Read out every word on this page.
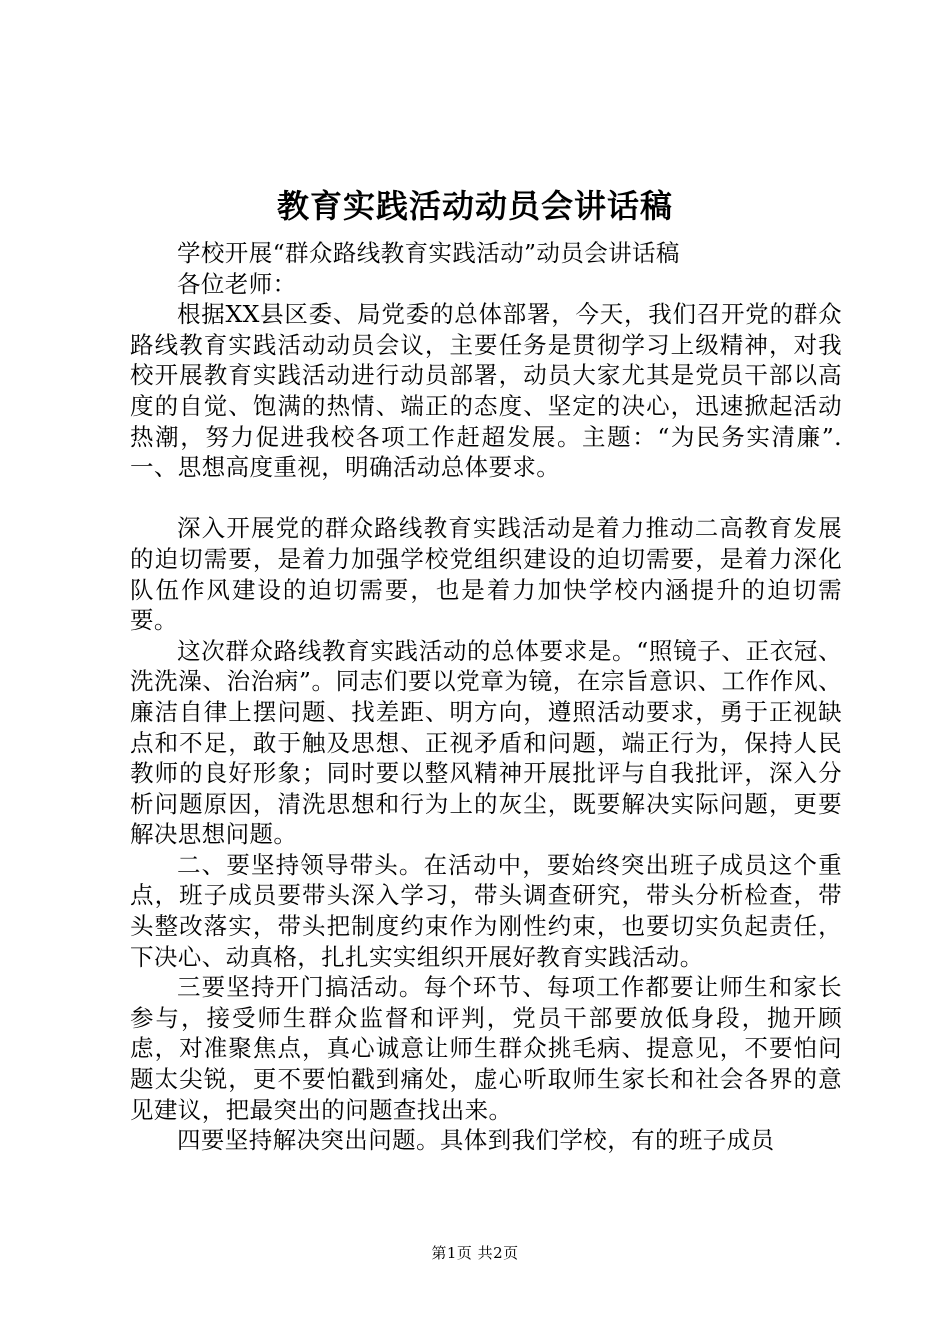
教育实践活动动员会讲话稿

学校开展“群众路线教育实践活动”动员会讲话稿

各位老师：

根据XX县区委、局党委的总体部署，今天，我们召开党的群众路线教育实践活动动员会议，主要任务是贯彻学习上级精神，对我校开展教育实践活动进行动员部署，动员大家尤其是党员干部以高度的自觉、饱满的热情、端正的态度、坚定的决心，迅速掀起活动热潮，努力促进我校各项工作赶超发展。主题：“为民务实清廉”.一、思想高度重视，明确活动总体要求。

深入开展党的群众路线教育实践活动是着力推动二高教育发展的迫切需要，是着力加强学校党组织建设的迫切需要，是着力深化队伍作风建设的迫切需要，也是着力加快学校内涵提升的迫切需要。

这次群众路线教育实践活动的总体要求是。“照镜子、正衣冠、洗洗澡、治治病”。同志们要以党章为镜，在宗旨意识、工作作风、廉洁自律上摆问题、找差距、明方向，遵照活动要求，勇于正视缺点和不足，敢于触及思想、正视矛盾和问题，端正行为，保持人民教师的良好形象；同时要以整风精神开展批评与自我批评，深入分析问题原因，清洗思想和行为上的灰尘，既要解决实际问题，更要解决思想问题。

二、要坚持领导带头。在活动中，要始终突出班子成员这个重点，班子成员要带头深入学习，带头调查研究，带头分析检查，带头整改落实，带头把制度约束作为刚性约束，也要切实负起责任，下决心、动真格，扎扎实实组织开展好教育实践活动。

三要坚持开门搞活动。每个环节、每项工作都要让师生和家长参与，接受师生群众监督和评判，党员干部要放低身段，抛开顾虑，对准聚焦点，真心诚意让师生群众挑毛病、提意见，不要怕问题太尖锐，更不要怕戳到痛处，虚心听取师生家长和社会各界的意见建议，把最突出的问题查找出来。

四要坚持解决突出问题。具体到我们学校，有的班子成员

第1页 共2页
